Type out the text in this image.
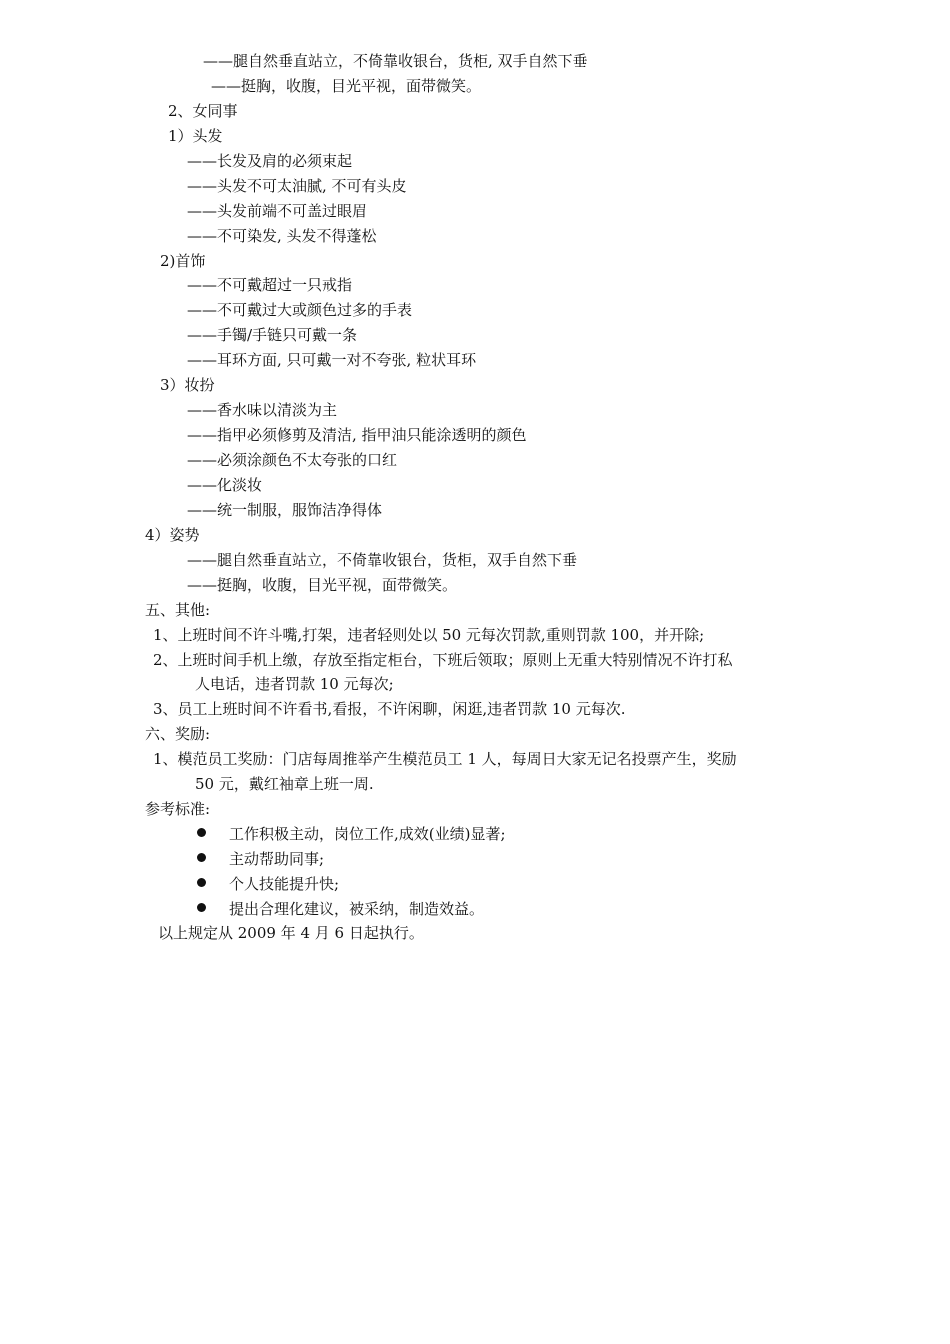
——腿自然垂直站立，不倚靠收银台，货柜, 双手自然下垂
——挺胸，收腹，目光平视，面带微笑。
2、女同事
1）头发
——长发及肩的必须束起
——头发不可太油腻, 不可有头皮
——头发前端不可盖过眼眉
——不可染发, 头发不得蓬松
2)首饰
——不可戴超过一只戒指
——不可戴过大或颜色过多的手表
——手镯/手链只可戴一条
——耳环方面, 只可戴一对不夸张, 粒状耳环
3）妆扮
——香水味以清淡为主
——指甲必须修剪及清洁, 指甲油只能涂透明的颜色
——必须涂颜色不太夸张的口红
——化淡妆
——统一制服，服饰洁净得体
4）姿势
——腿自然垂直站立，不倚靠收银台，货柜，双手自然下垂
——挺胸，收腹，目光平视，面带微笑。
五、其他:
1、上班时间不许斗嘴,打架，违者轻则处以 50 元每次罚款,重则罚款 100，并开除;
2、上班时间手机上缴，存放至指定柜台，下班后领取；原则上无重大特别情况不许打私
人电话，违者罚款 10 元每次;
3、员工上班时间不许看书,看报，不许闲聊，闲逛,违者罚款 10 元每次.
六、奖励:
1、模范员工奖励：门店每周推举产生模范员工 1 人，每周日大家无记名投票产生，奖励
50 元，戴红袖章上班一周.
参考标准:
工作积极主动，岗位工作,成效(业绩)显著;
主动帮助同事;
个人技能提升快;
提出合理化建议，被采纳，制造效益。
以上规定从 2009 年 4 月 6 日起执行。
